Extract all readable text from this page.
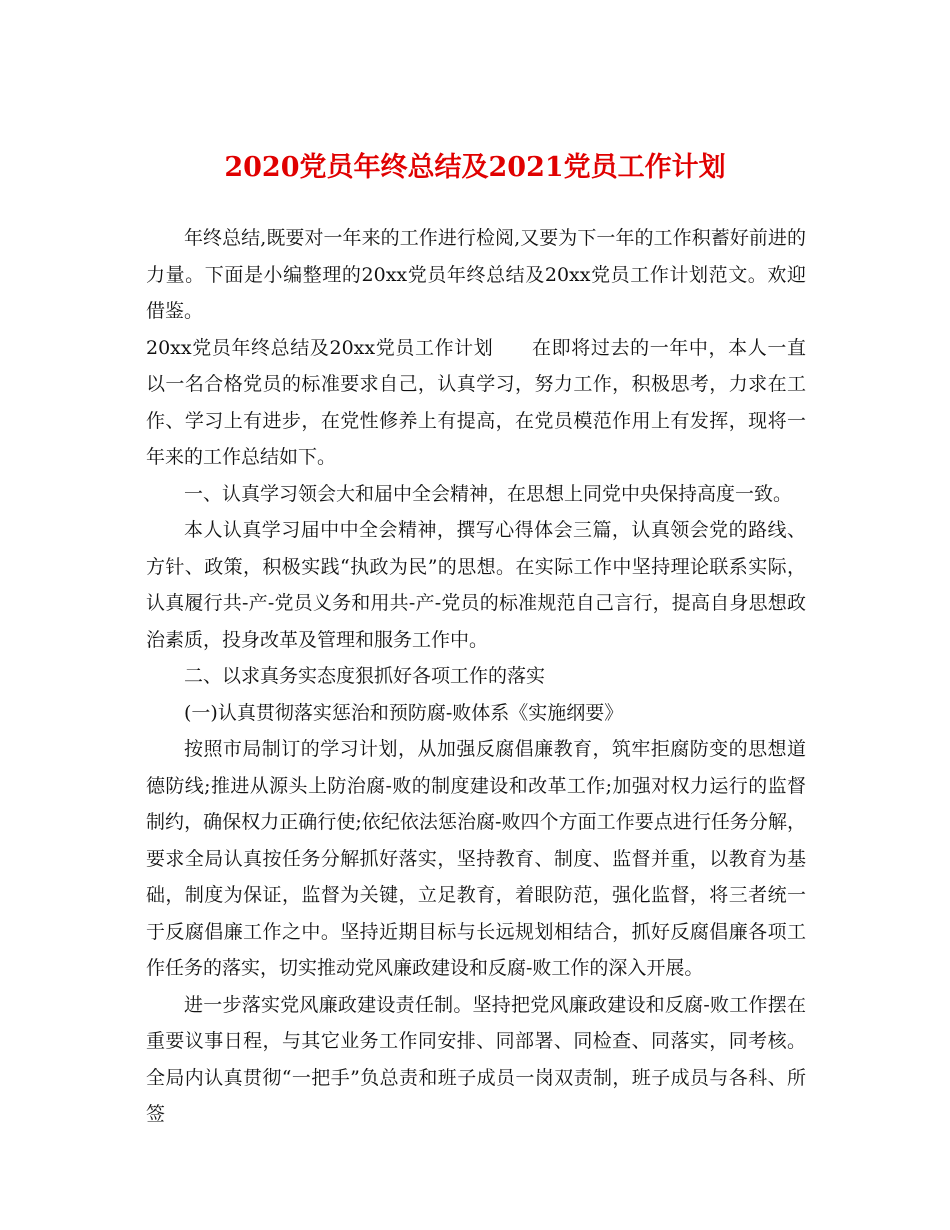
2020党员年终总结及2021党员工作计划

年终总结,既要对一年来的工作进行检阅,又要为下一年的工作积蓄好前进的力量。下面是小编整理的20xx党员年终总结及20xx党员工作计划范文。欢迎借鉴。

20xx党员年终总结及20xx党员工作计划 在即将过去的一年中，本人一直以一名合格党员的标准要求自己，认真学习，努力工作，积极思考，力求在工作、学习上有进步，在党性修养上有提高，在党员模范作用上有发挥，现将一年来的工作总结如下。

一、认真学习领会大和届中全会精神，在思想上同党中央保持高度一致。

本人认真学习届中中全会精神，撰写心得体会三篇，认真领会党的路线、方针、政策，积极实践“执政为民”的思想。在实际工作中坚持理论联系实际，认真履行共-产-党员义务和用共-产-党员的标准规范自己言行，提高自身思想政治素质，投身改革及管理和服务工作中。

二、以求真务实态度狠抓好各项工作的落实

(一)认真贯彻落实惩治和预防腐-败体系《实施纲要》

按照市局制订的学习计划，从加强反腐倡廉教育，筑牢拒腐防变的思想道德防线;推进从源头上防治腐-败的制度建设和改革工作;加强对权力运行的监督制约，确保权力正确行使;依纪依法惩治腐-败四个方面工作要点进行任务分解，要求全局认真按任务分解抓好落实，坚持教育、制度、监督并重，以教育为基础，制度为保证，监督为关键，立足教育，着眼防范，强化监督，将三者统一于反腐倡廉工作之中。坚持近期目标与长远规划相结合，抓好反腐倡廉各项工作任务的落实，切实推动党风廉政建设和反腐-败工作的深入开展。

进一步落实党风廉政建设责任制。坚持把党风廉政建设和反腐-败工作摆在重要议事日程，与其它业务工作同安排、同部署、同检查、同落实，同考核。全局内认真贯彻“一把手”负总责和班子成员一岗双责制，班子成员与各科、所签
